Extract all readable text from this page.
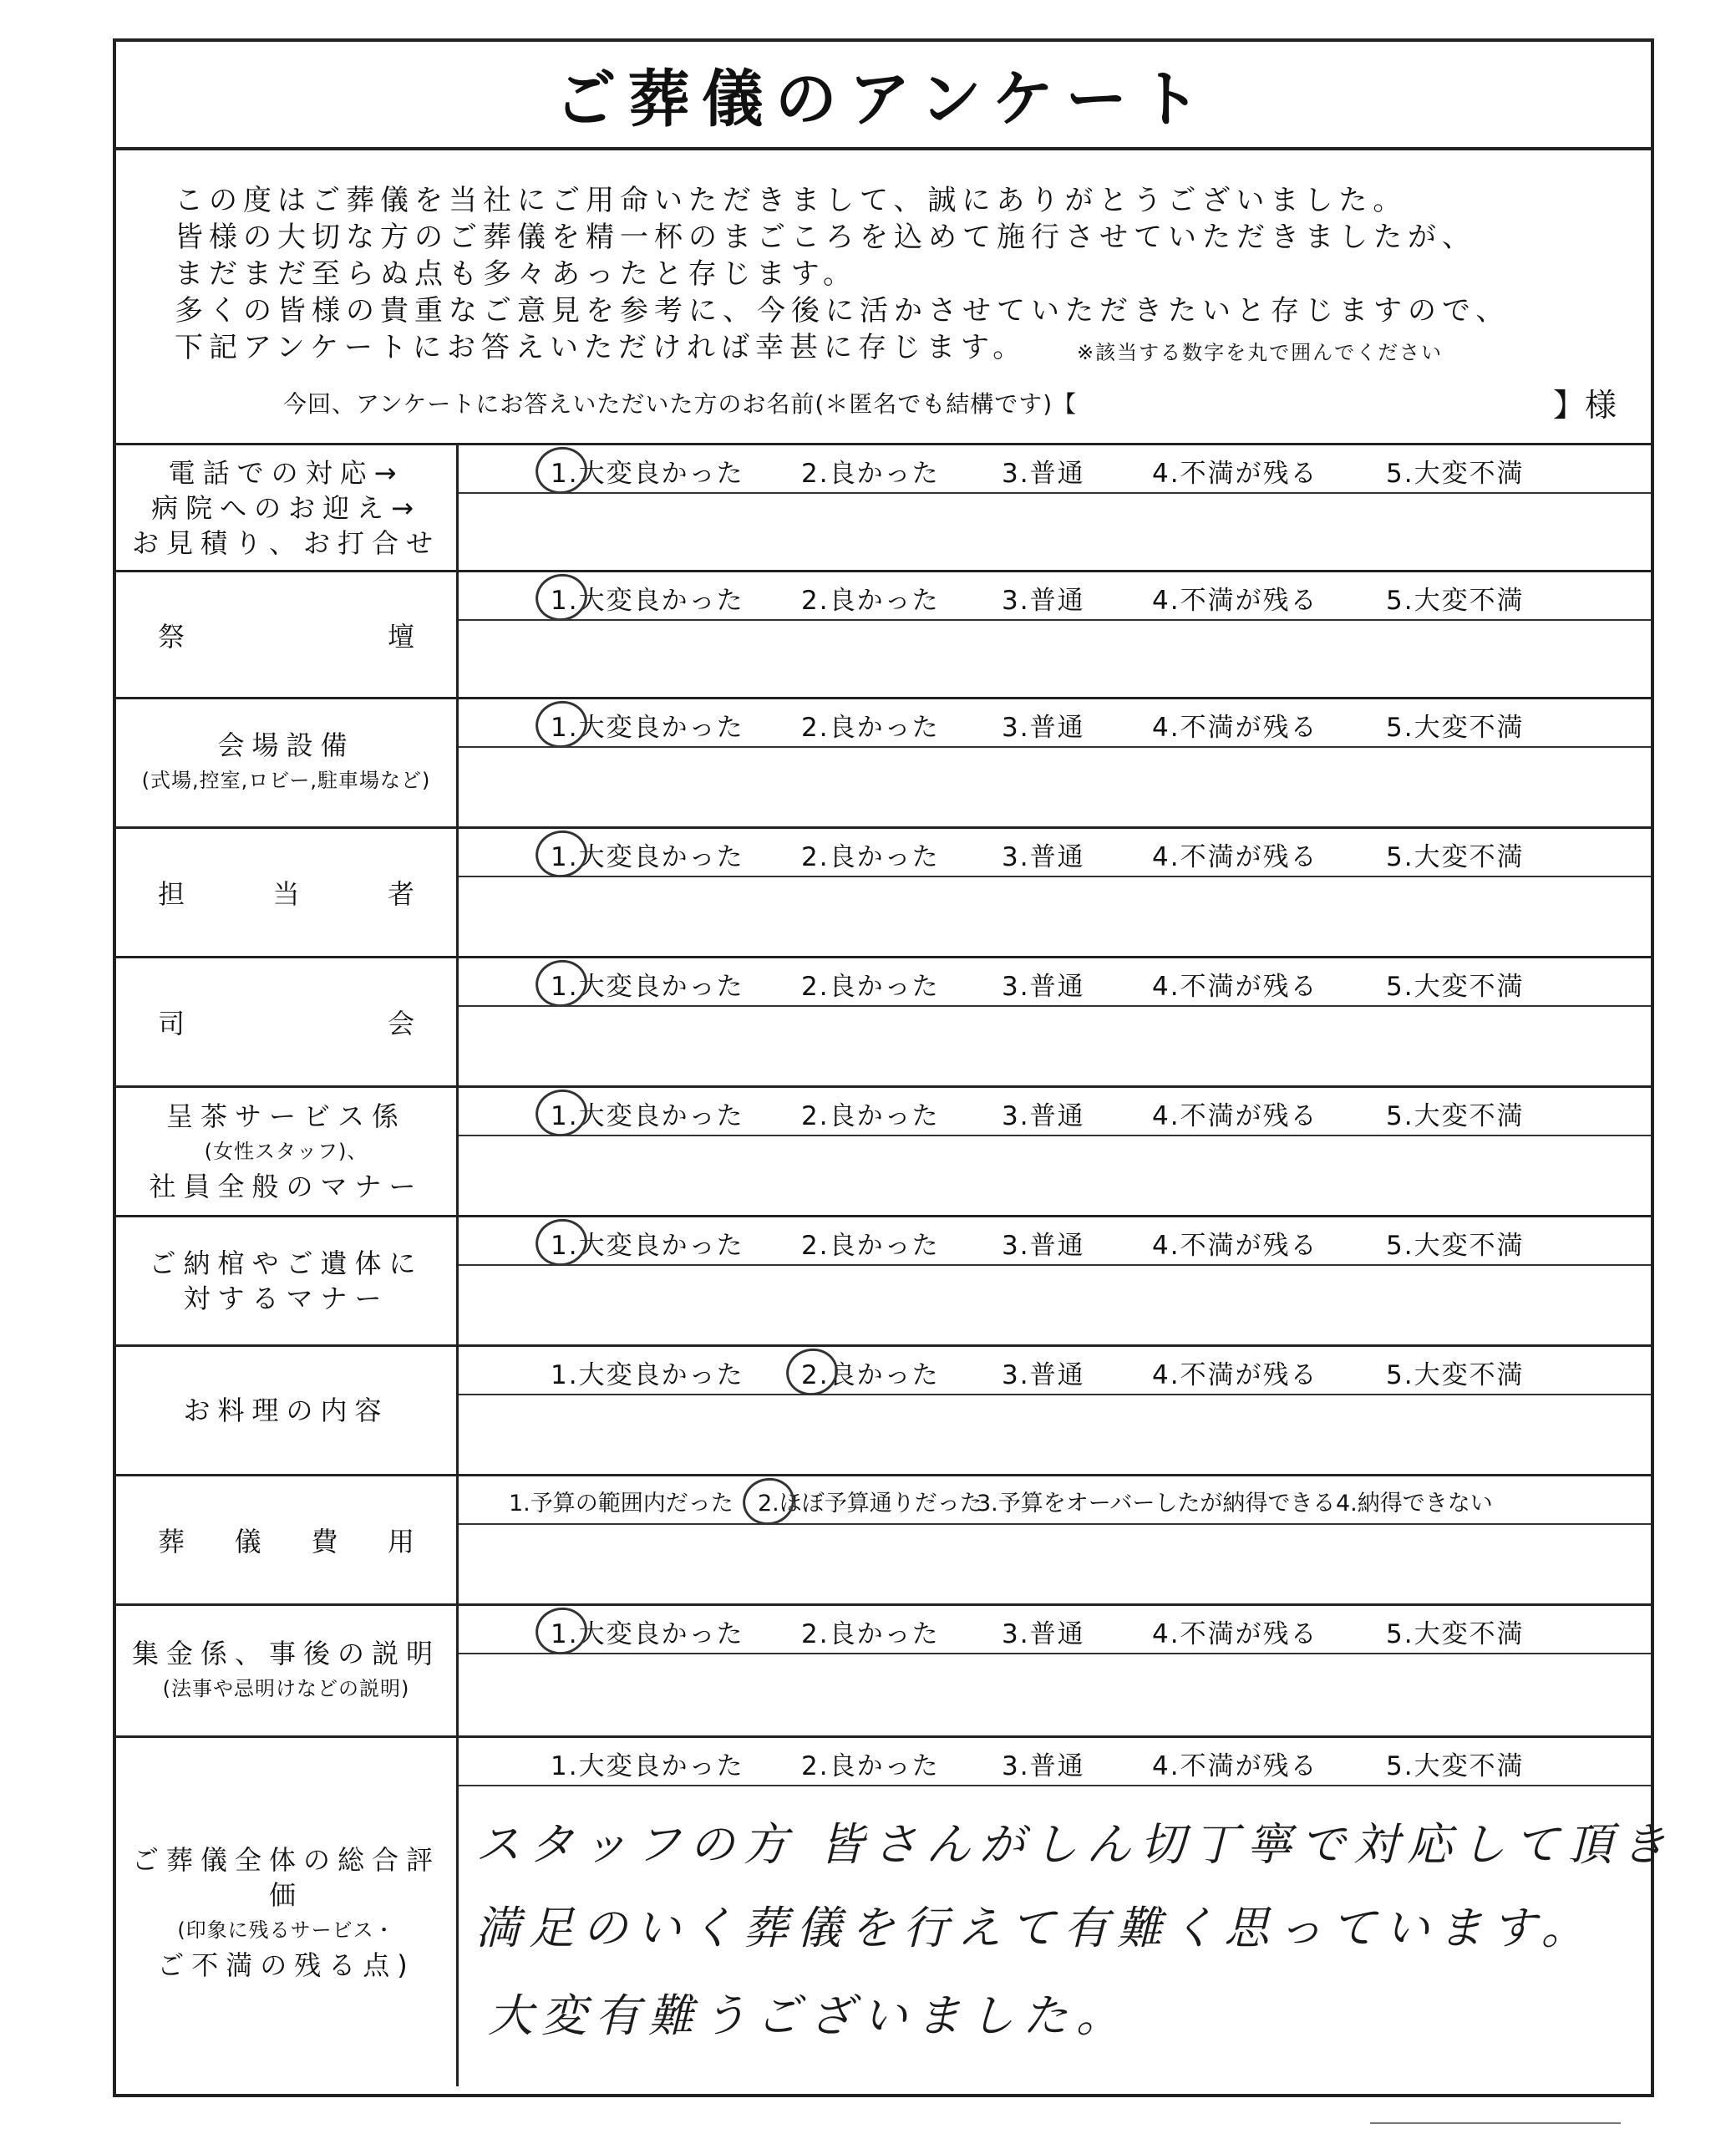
ご葬儀のアンケート
この度はご葬儀を当社にご用命いただきまして、誠にありがとうございました。
皆様の大切な方のご葬儀を精一杯のまごころを込めて施行させていただきましたが、
まだまだ至らぬ点も多々あったと存じます。
多くの皆様の貴重なご意見を参考に、今後に活かさせていただきたいと存じますので、
下記アンケートにお答えいただければ幸甚に存じます。	※該当する数字を丸で囲んでください
今回、アンケートにお答えいただいた方のお名前(＊匿名でも結構です)【	】様
電話での対応→
病院へのお迎え→
お見積り、お打合せ
1.大変良かった 2.良かった 3.普通	4.不満が残る	5.大変不満
祭	壇
1.大変良かった 2.良かった 3.普通	4.不満が残る	5.大変不満
会場設備
(式場,控室,ロビー,駐車場など)
1.大変良かった 2.良かった 3.普通	4.不満が残る	5.大変不満
担	当	者
1.大変良かった 2.良かった 3.普通	4.不満が残る	5.大変不満
司	会
1.大変良かった 2.良かった 3.普通	4.不満が残る	5.大変不満
呈茶サービス係
(女性スタッフ)、
社員全般のマナー
1.大変良かった 2.良かった 3.普通	4.不満が残る	5.大変不満
ご納棺やご遺体に
対するマナー
1.大変良かった 2.良かった 3.普通	4.不満が残る	5.大変不満
お料理の内容
1.大変良かった 2.良かった 3.普通	4.不満が残る	5.大変不満
葬 儀 費 用
1.予算の範囲内だった 2.ほぼ予算通りだった
3.予算をオーバーしたが納得できる 4.納得できない
集金係、事後の説明
(法事や忌明けなどの説明)
1.大変良かった 2.良かった 3.普通	4.不満が残る	5.大変不満
ご葬儀全体の総合評価
(印象に残るサービス・
ご不満の残る点)
1.大変良かった 2.良かった 3.普通	4.不満が残る	5.大変不満
スタッフの方 皆さんがしん切丁寧で対応して頂き
満足のいく葬儀を行えて有難く思っています。
大変有難うございました。
